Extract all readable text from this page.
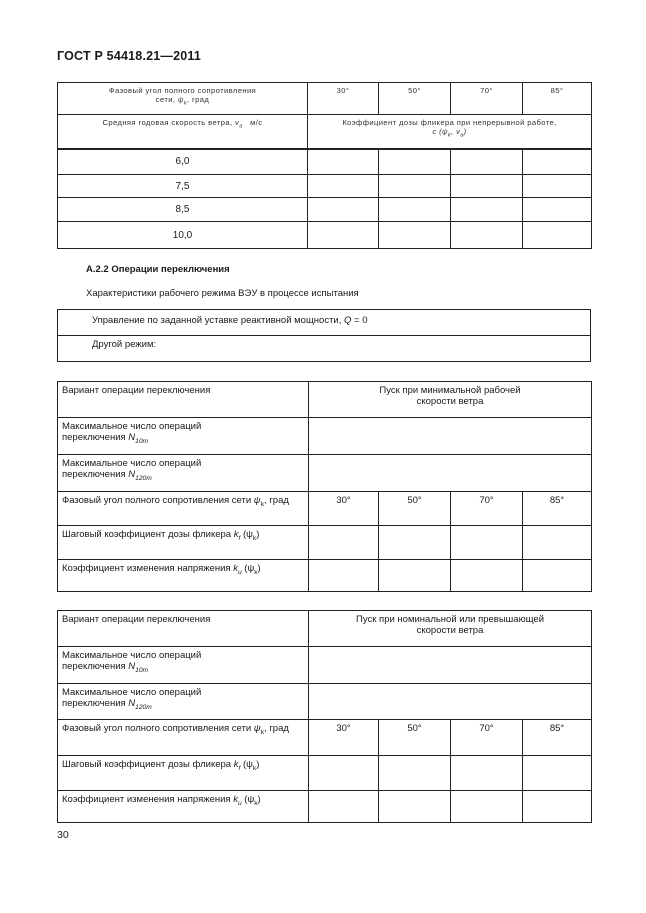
ГОСТ Р 54418.21—2011
Фазовый угол полного сопротивления
сети, $\psi_k$, град	30°	50°	70°	85°
Средняя годовая скорость ветра, $v_a$ м/с	Коэффициент дозы фликера при непрерывной работе,
c ($\psi_k$, $v_a$)			

6,0				
7,5				
8,5				
10,0				
А.2.2 Операции переключения
Характеристики рабочего режима ВЭУ в процессе испытания
Управление по заданной уставке реактивной мощности, Q = 0
Другой режим:
Вариант операции переключения	Пуск при минимальной рабочей
скорости ветра			

Максимальное число операций
переключения $N_{10m}$

Максимальное число операций
переключения $N_{120m}$

Фазовый угол полного сопротивления сети $\psi_k$, град	30°	50°	70°	85°
Шаговый коэффициент дозы фликера $k_f$ $(\psi_k)$				
Коэффициент изменения напряжения $k_u$ $(\psi_k)$				
Вариант операции переключения	Пуск при номинальной или превышающей
скорости ветра			

Максимальное число операций
переключения $N_{10m}$

Максимальное число операций
переключения $N_{120m}$

Фазовый угол полного сопротивления сети $\psi_k$, град	30°	50°	70°	85°
Шаговый коэффициент дозы фликера $k_f$ $(\psi_k)$				
Коэффициент изменения напряжения $k_u$ $(\psi_k)$				
30
